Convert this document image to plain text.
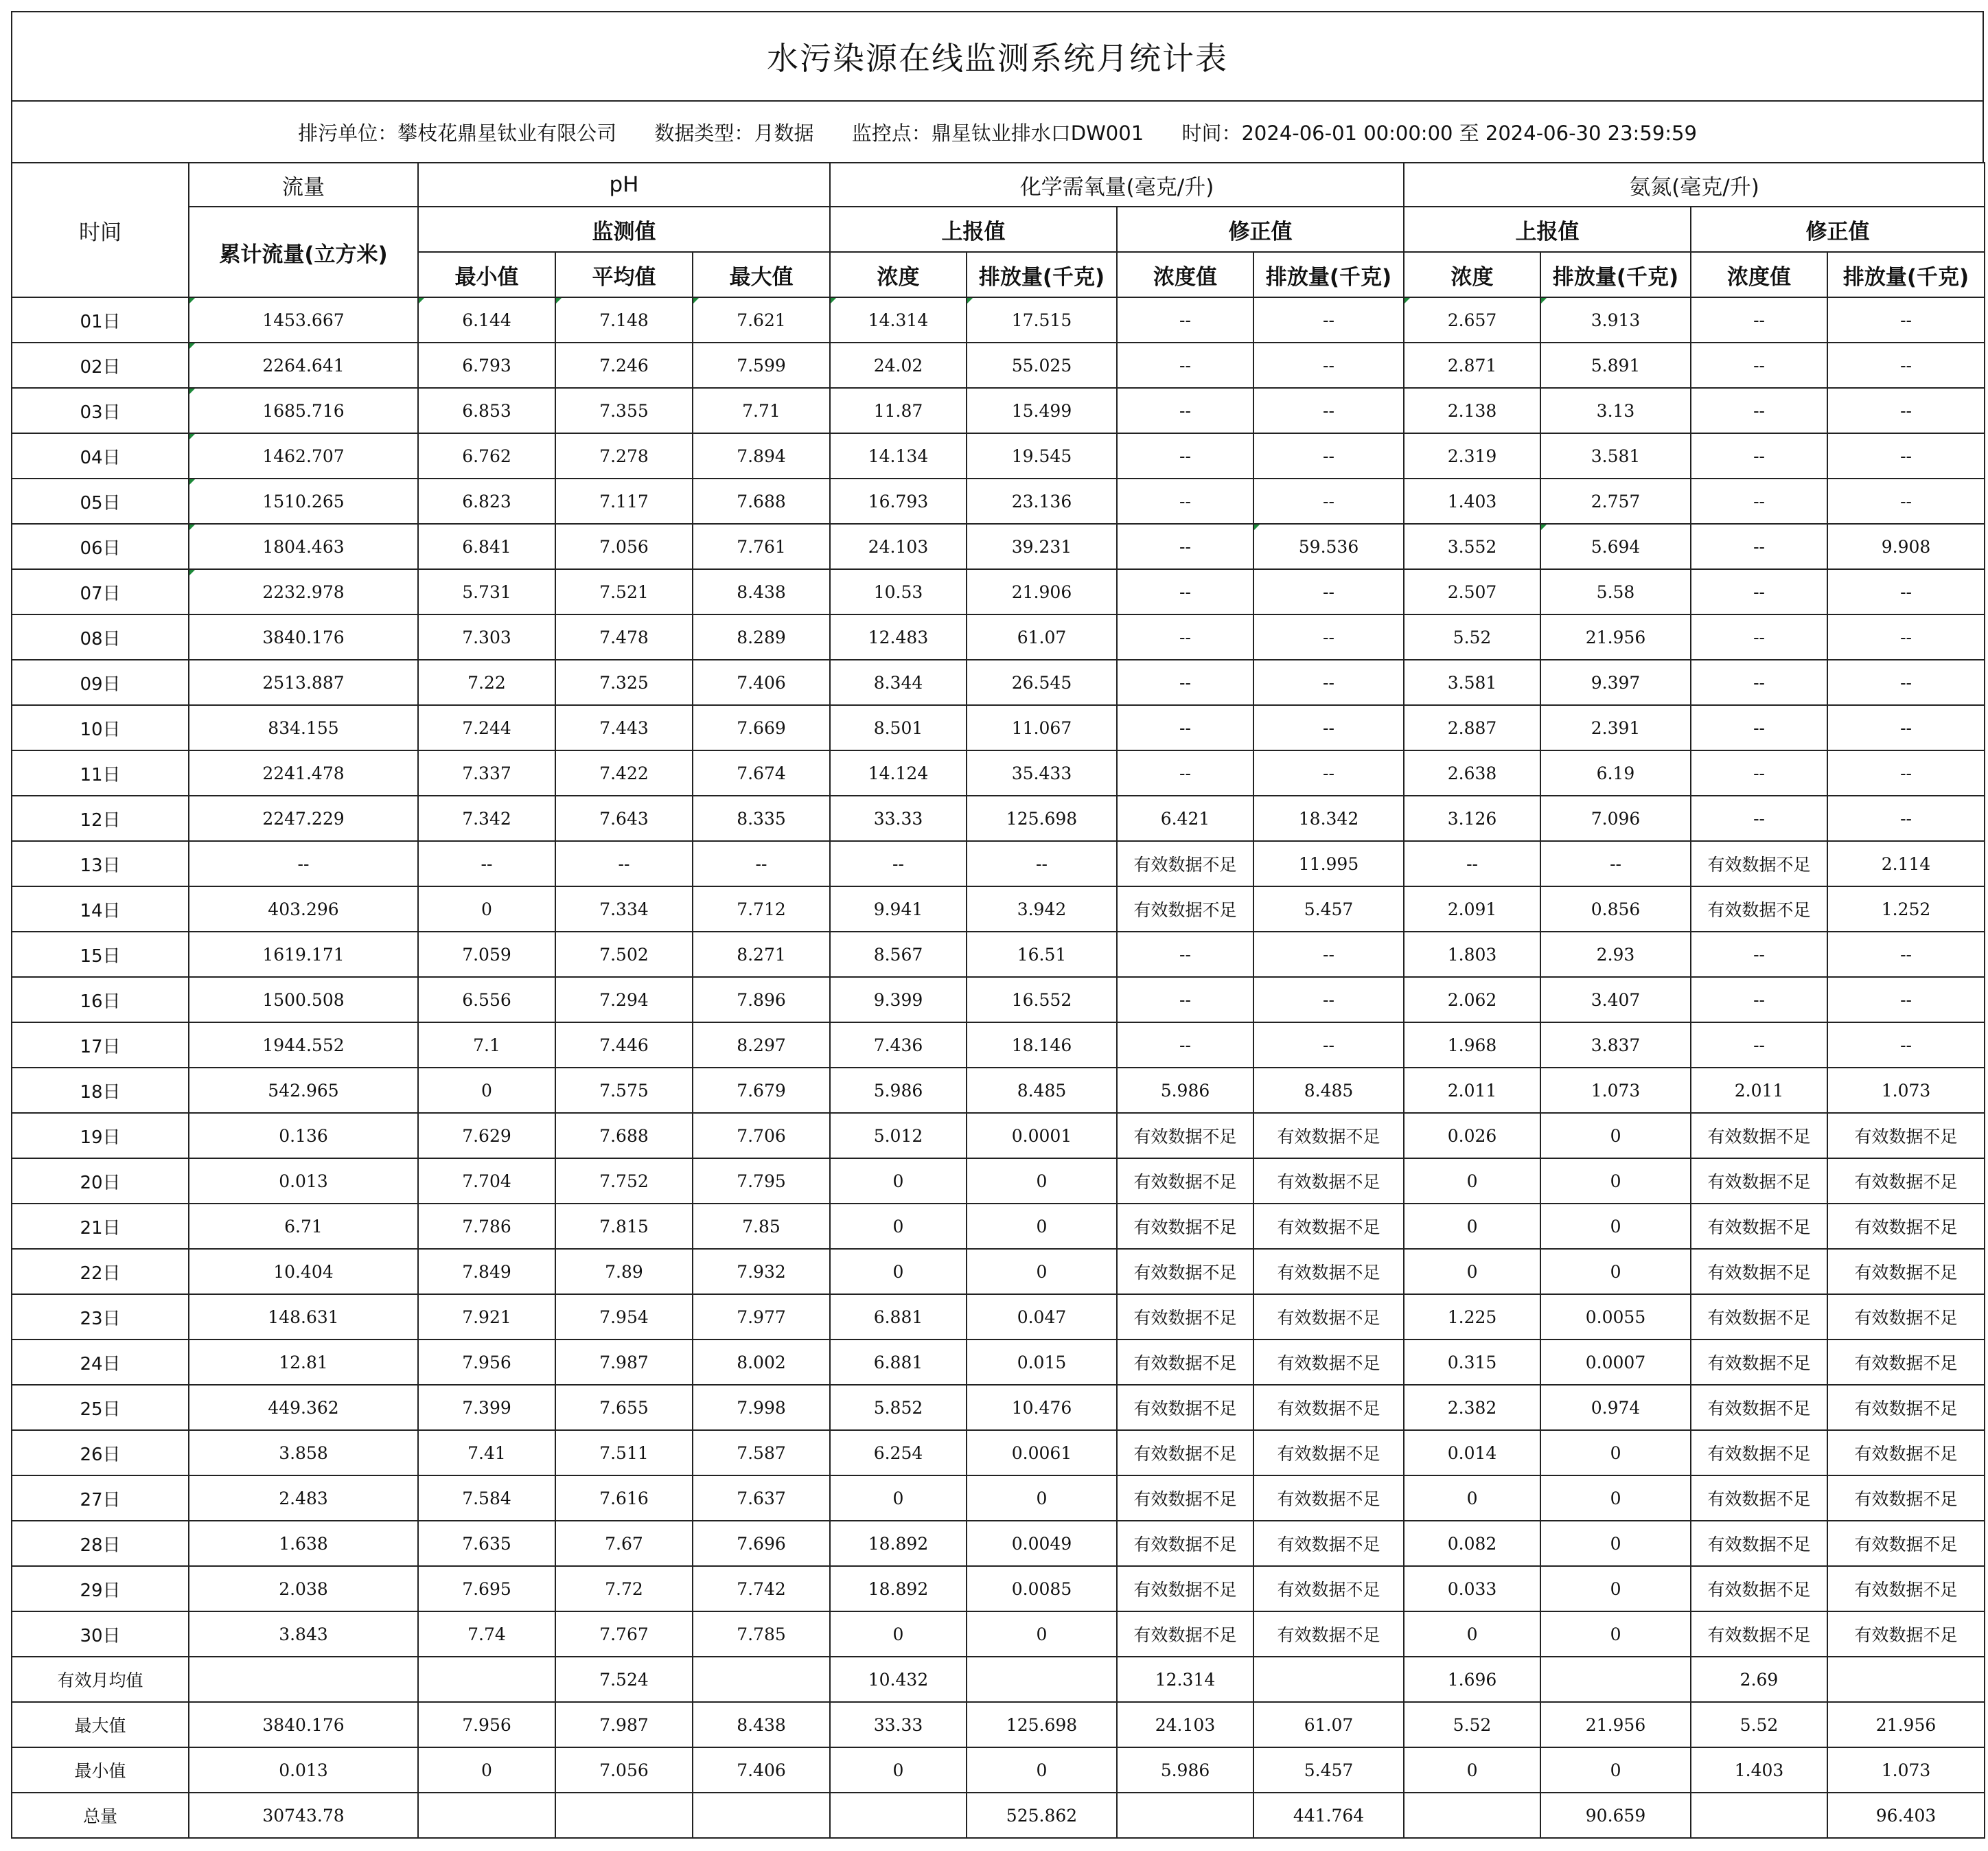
水污染源在线监测系统月统计表
排污单位： 攀枝花鼎星钛业有限公司
数据类型： 月数据
监控点： 鼎星钛业排水口DW001
时间： 2024-06-01 00:00:00 至 2024-06-30 23:59:59
时间	流量	pH			化学需氧量(毫克/升)				氨氮(毫克/升)			
	累计流量(立方米)	监测值			上报值		修正值		上报值		修正值	
		最小值	平均值	最大值	浓度	排放量(千克)	浓度值	排放量(千克)	浓度	排放量(千克)	浓度值	排放量(千克)
01日	1453.667	6.144	7.148	7.621	14.314	17.515	--	--	2.657	3.913	--	--
02日	2264.641	6.793	7.246	7.599	24.02	55.025	--	--	2.871	5.891	--	--
03日	1685.716	6.853	7.355	7.71	11.87	15.499	--	--	2.138	3.13	--	--
04日	1462.707	6.762	7.278	7.894	14.134	19.545	--	--	2.319	3.581	--	--
05日	1510.265	6.823	7.117	7.688	16.793	23.136	--	--	1.403	2.757	--	--
06日	1804.463	6.841	7.056	7.761	24.103	39.231	--	59.536	3.552	5.694	--	9.908
07日	2232.978	5.731	7.521	8.438	10.53	21.906	--	--	2.507	5.58	--	--
08日	3840.176	7.303	7.478	8.289	12.483	61.07	--	--	5.52	21.956	--	--
09日	2513.887	7.22	7.325	7.406	8.344	26.545	--	--	3.581	9.397	--	--
10日	834.155	7.244	7.443	7.669	8.501	11.067	--	--	2.887	2.391	--	--
11日	2241.478	7.337	7.422	7.674	14.124	35.433	--	--	2.638	6.19	--	--
12日	2247.229	7.342	7.643	8.335	33.33	125.698	6.421	18.342	3.126	7.096	--	--
13日	--	--	--	--	--	--	有效数据不足	11.995	--	--	有效数据不足	2.114
14日	403.296	0	7.334	7.712	9.941	3.942	有效数据不足	5.457	2.091	0.856	有效数据不足	1.252
15日	1619.171	7.059	7.502	8.271	8.567	16.51	--	--	1.803	2.93	--	--
16日	1500.508	6.556	7.294	7.896	9.399	16.552	--	--	2.062	3.407	--	--
17日	1944.552	7.1	7.446	8.297	7.436	18.146	--	--	1.968	3.837	--	--
18日	542.965	0	7.575	7.679	5.986	8.485	5.986	8.485	2.011	1.073	2.011	1.073
19日	0.136	7.629	7.688	7.706	5.012	0.0001	有效数据不足	有效数据不足	0.026	0	有效数据不足	有效数据不足
20日	0.013	7.704	7.752	7.795	0	0	有效数据不足	有效数据不足	0	0	有效数据不足	有效数据不足
21日	6.71	7.786	7.815	7.85	0	0	有效数据不足	有效数据不足	0	0	有效数据不足	有效数据不足
22日	10.404	7.849	7.89	7.932	0	0	有效数据不足	有效数据不足	0	0	有效数据不足	有效数据不足
23日	148.631	7.921	7.954	7.977	6.881	0.047	有效数据不足	有效数据不足	1.225	0.0055	有效数据不足	有效数据不足
24日	12.81	7.956	7.987	8.002	6.881	0.015	有效数据不足	有效数据不足	0.315	0.0007	有效数据不足	有效数据不足
25日	449.362	7.399	7.655	7.998	5.852	10.476	有效数据不足	有效数据不足	2.382	0.974	有效数据不足	有效数据不足
26日	3.858	7.41	7.511	7.587	6.254	0.0061	有效数据不足	有效数据不足	0.014	0	有效数据不足	有效数据不足
27日	2.483	7.584	7.616	7.637	0	0	有效数据不足	有效数据不足	0	0	有效数据不足	有效数据不足
28日	1.638	7.635	7.67	7.696	18.892	0.0049	有效数据不足	有效数据不足	0.082	0	有效数据不足	有效数据不足
29日	2.038	7.695	7.72	7.742	18.892	0.0085	有效数据不足	有效数据不足	0.033	0	有效数据不足	有效数据不足
30日	3.843	7.74	7.767	7.785	0	0	有效数据不足	有效数据不足	0	0	有效数据不足	有效数据不足
有效月均值			7.524		10.432		12.314		1.696		2.69	
最大值	3840.176	7.956	7.987	8.438	33.33	125.698	24.103	61.07	5.52	21.956	5.52	21.956
最小值	0.013	0	7.056	7.406	0	0	5.986	5.457	0	0	1.403	1.073
总量	30743.78					525.862		441.764		90.659		96.403
